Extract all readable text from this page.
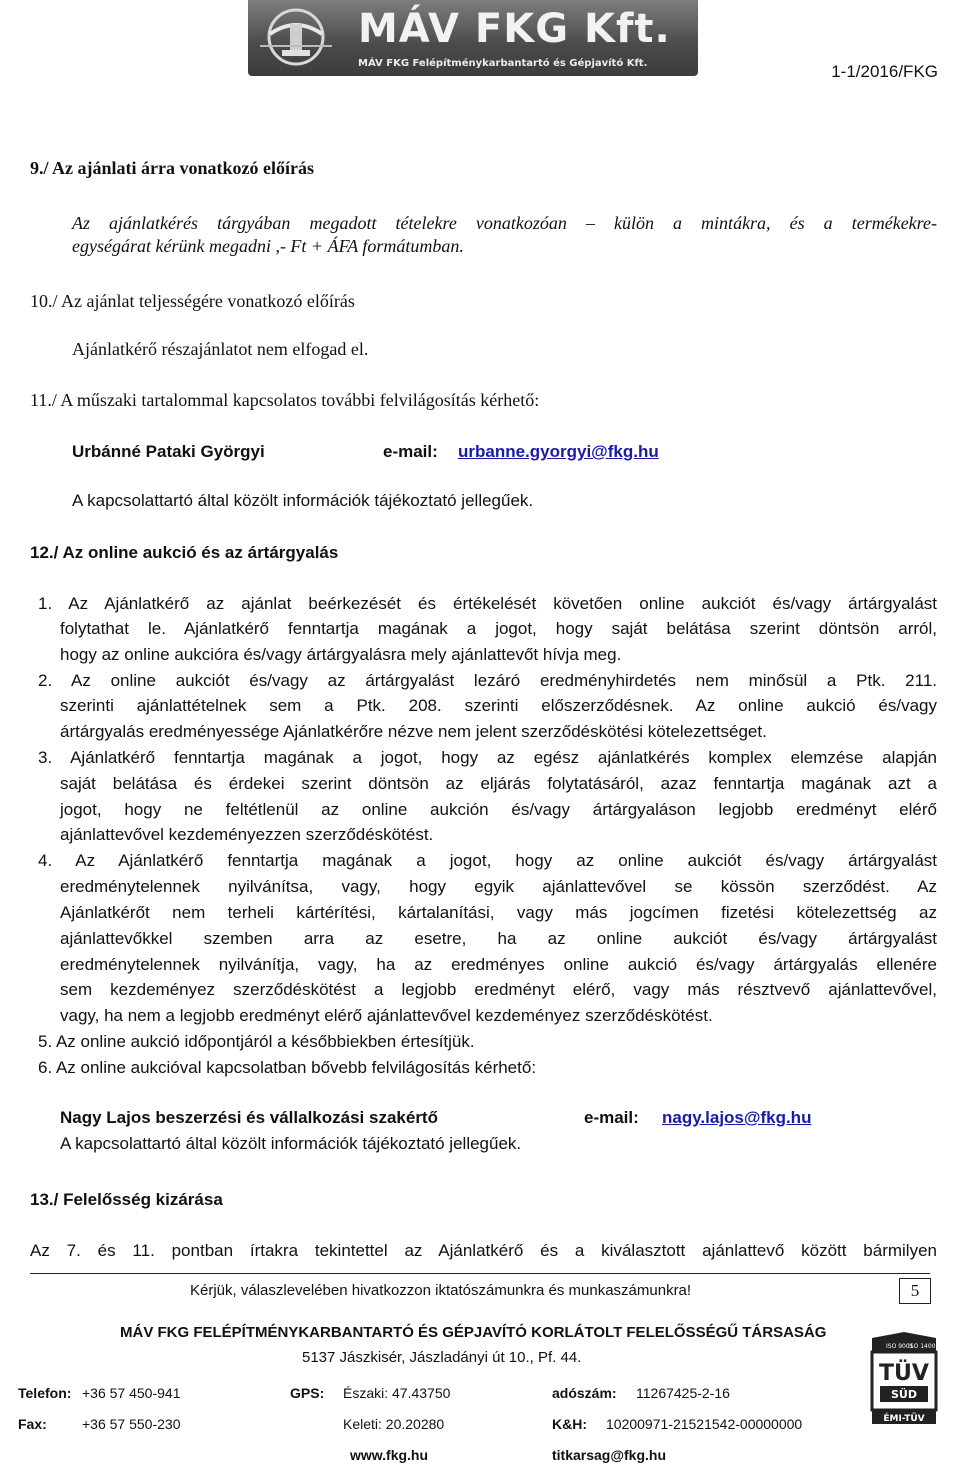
MÁV FKG Kft.
MÁV FKG Felépítménykarbantartó és Gépjavító Kft.	1-1/2016/FKG
9./ Az ajánlati árra vonatkozó előírás
Az ajánlatkérés tárgyában megadott tételekre vonatkozóan – külön a mintákra, és a termékekre-
egységárat kérünk megadni ,- Ft + ÁFA formátumban.
10./ Az ajánlat teljességére vonatkozó előírás
Ajánlatkérő részajánlatot nem elfogad el.
11./ A műszaki tartalommal kapcsolatos további felvilágosítás kérhető:
Urbánné Pataki Györgyi	e-mail: urbanne.gyorgyi@fkg.hu
A kapcsolattartó által közölt információk tájékoztató jellegűek.
12./ Az online aukció és az ártárgyalás
1. Az Ajánlatkérő az ajánlat beérkezését és értékelését követően online aukciót és/vagy ártárgyalást
folytathat le. Ajánlatkérő fenntartja magának a jogot, hogy saját belátása szerint döntsön arról,
hogy az online aukcióra és/vagy ártárgyalásra mely ajánlattevőt hívja meg.
2. Az online aukciót és/vagy az ártárgyalást lezáró eredményhirdetés nem minősül a Ptk. 211.
szerinti ajánlattételnek sem a Ptk. 208. szerinti előszerződésnek. Az online aukció és/vagy
ártárgyalás eredményessége Ajánlatkérőre nézve nem jelent szerződéskötési kötelezettséget.
3. Ajánlatkérő fenntartja magának a jogot, hogy az egész ajánlatkérés komplex elemzése alapján
saját belátása és érdekei szerint döntsön az eljárás folytatásáról, azaz fenntartja magának azt a
jogot, hogy ne feltétlenül az online aukción és/vagy ártárgyaláson legjobb eredményt elérő
ajánlattevővel kezdeményezzen szerződéskötést.
4. Az Ajánlatkérő fenntartja magának a jogot, hogy az online aukciót és/vagy ártárgyalást
eredménytelennek nyilvánítsa, vagy, hogy egyik ajánlattevővel se kössön szerződést. Az
Ajánlatkérőt nem terheli kártérítési, kártalanítási, vagy más jogcímen fizetési kötelezettség az
ajánlattevőkkel szemben arra az esetre, ha az online aukciót és/vagy ártárgyalást
eredménytelennek nyilvánítja, vagy, ha az eredményes online aukció és/vagy ártárgyalás ellenére
sem kezdeményez szerződéskötést a legjobb eredményt elérő, vagy más résztvevő ajánlattevővel,
vagy, ha nem a legjobb eredményt elérő ajánlattevővel kezdeményez szerződéskötést.
5. Az online aukció időpontjáról a későbbiekben értesítjük.
6. Az online aukcióval kapcsolatban bővebb felvilágosítás kérhető:
Nagy Lajos beszerzési és vállalkozási szakértő	e-mail: nagy.lajos@fkg.hu
A kapcsolattartó által közölt információk tájékoztató jellegűek.
13./ Felelősség kizárása
Az 7. és 11. pontban írtakra tekintettel az Ajánlatkérő és a kiválasztott ajánlattevő között bármilyen
Kérjük, válaszlevelében hivatkozzon iktatószámunkra és munkaszámunkra!	5
MÁV FKG FELÉPÍTMÉNYKARBANTARTÓ ÉS GÉPJAVÍTÓ KORLÁTOLT FELELŐSSÉGŰ TÁRSASÁG
5137 Jászkisér, Jászladányi út 10., Pf. 44.
Telefon: +36 57 450-941	GPS: Északi: 47.43750	adószám: 11267425-2-16
Fax:	+36 57 550-230	Keleti: 20.20280	K&H: 10200971-21521542-00000000
www.fkg.hu	titkarsag@fkg.hu
ISO 9001
ISO 14001
TÜV
SÜD
ÉMI-TÜV
